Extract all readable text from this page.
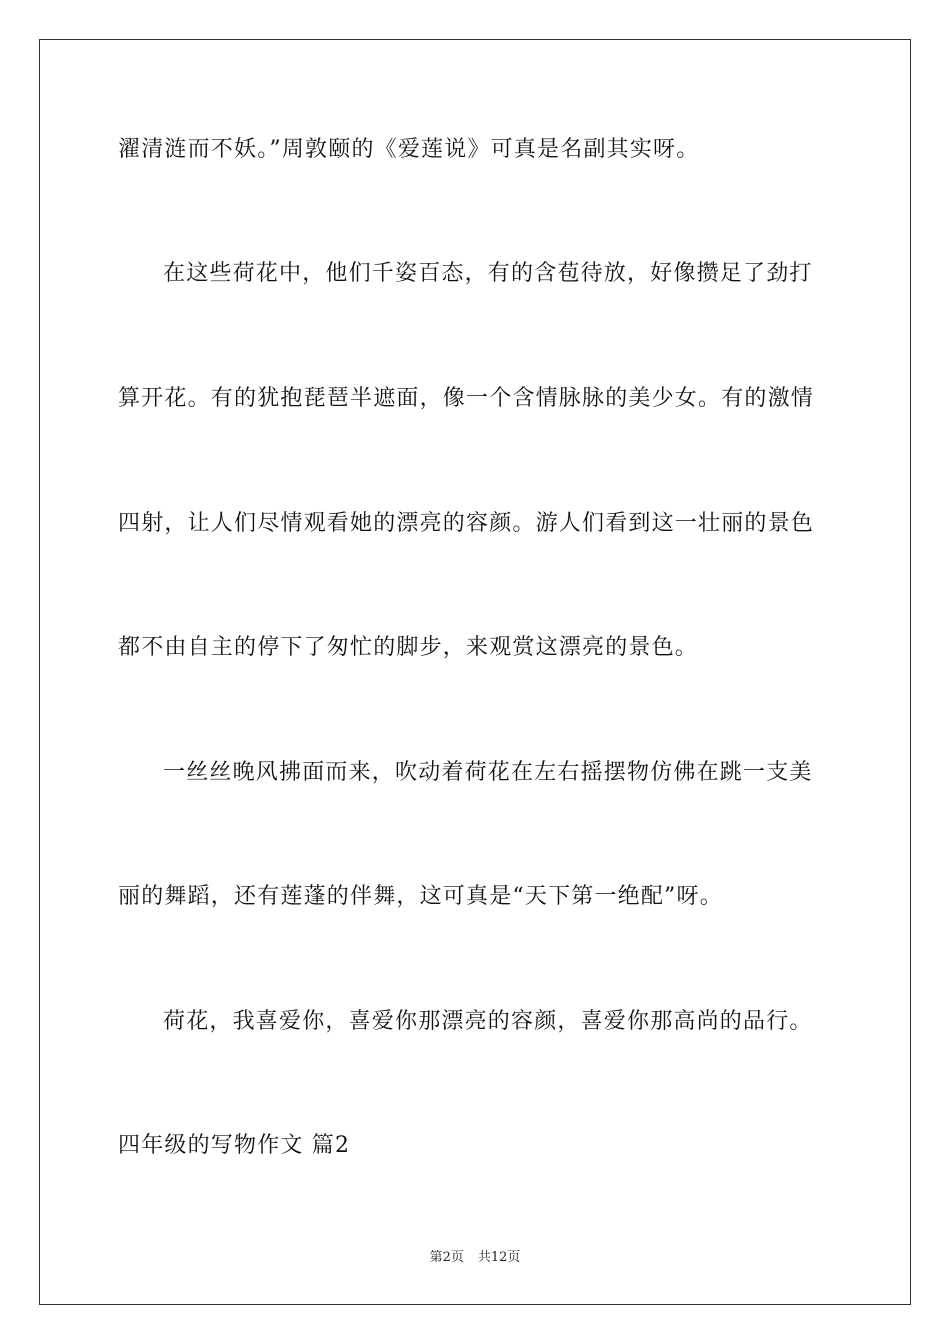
濯清涟而不妖。”周敦颐的《爱莲说》可真是名副其实呀。
在这些荷花中，他们千姿百态，有的含苞待放，好像攒足了劲打
算开花。有的犹抱琵琶半遮面，像一个含情脉脉的美少女。有的激情
四射，让人们尽情观看她的漂亮的容颜。游人们看到这一壮丽的景色
都不由自主的停下了匆忙的脚步，来观赏这漂亮的景色。
一丝丝晚风拂面而来，吹动着荷花在左右摇摆物仿佛在跳一支美
丽的舞蹈，还有莲蓬的伴舞，这可真是“天下第一绝配”呀。
荷花，我喜爱你，喜爱你那漂亮的容颜，喜爱你那高尚的品行。
四年级的写物作文 篇2
第2页 共12页
